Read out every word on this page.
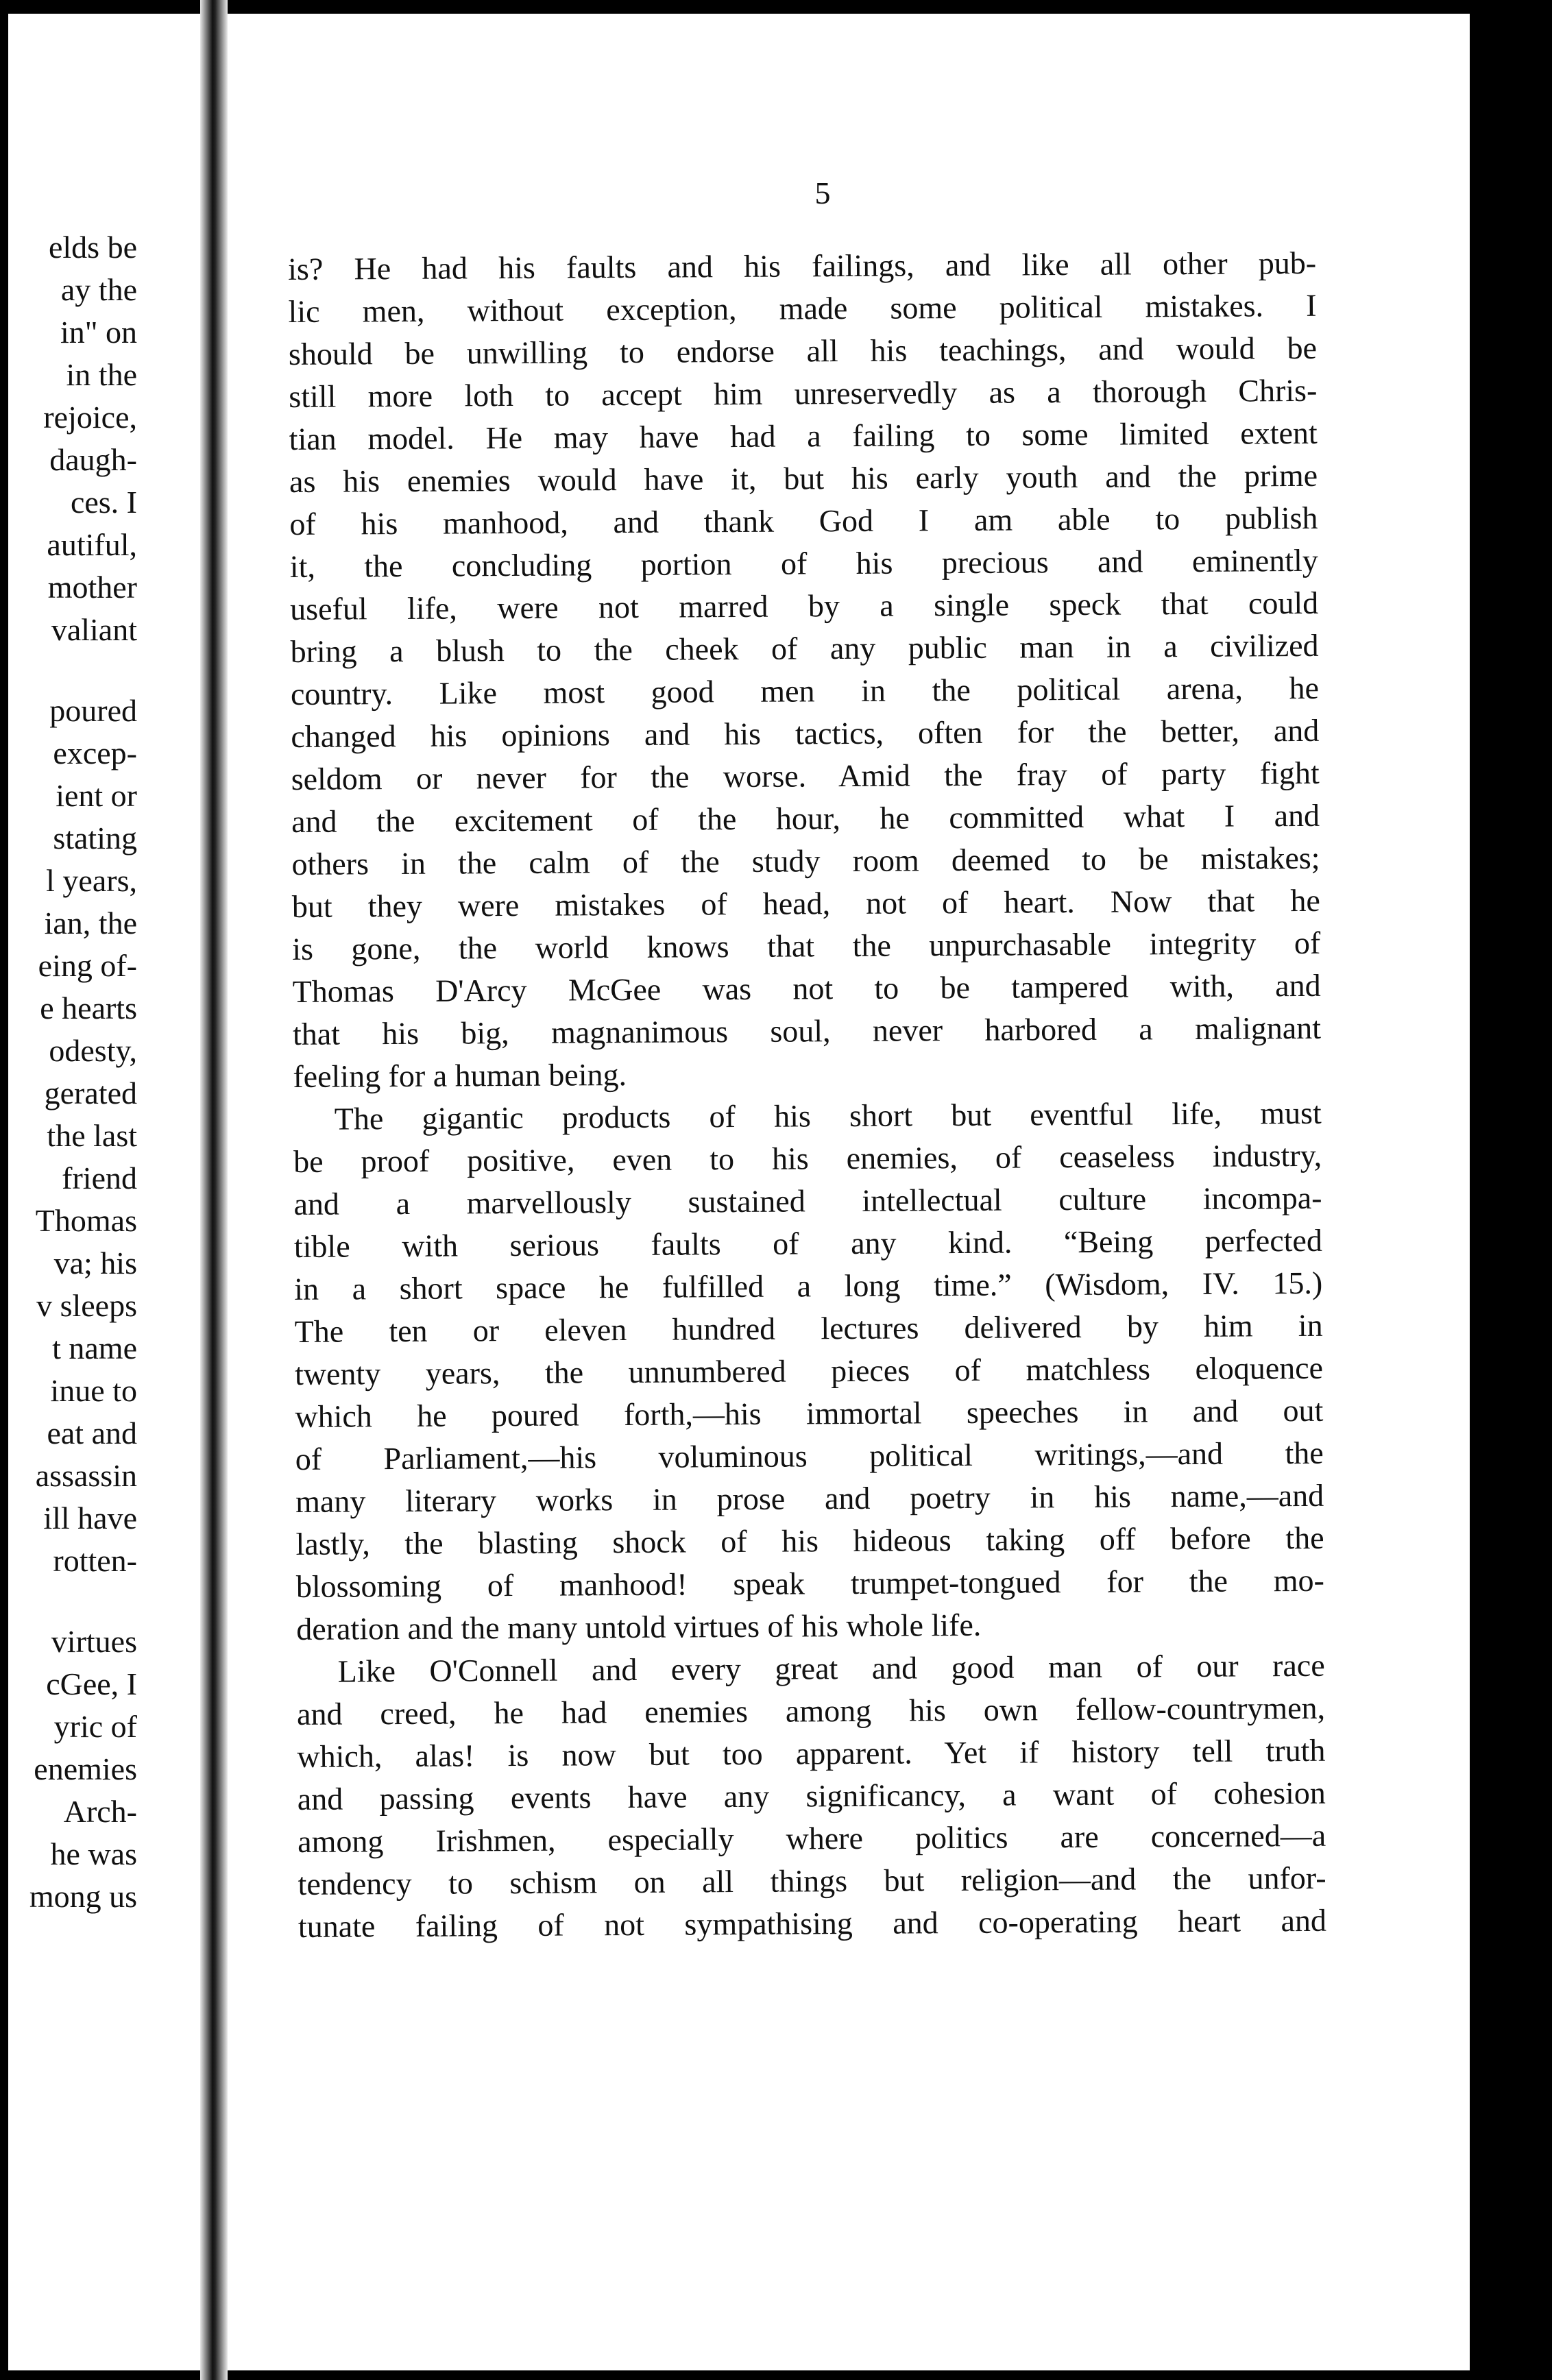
elds be
ay the
in" on
in the
rejoice,
daugh-
ces. I
autiful,
mother
valiant
poured
excep-
ient or
stating
l years,
ian, the
eing of-
e hearts
odesty,
gerated
the last
friend
Thomas
va; his
v sleeps
t name
inue to
eat and
assassin
ill have
rotten-
virtues
cGee, I
yric of
enemies
Arch-
he was
mong us
5
is? He had his faults and his failings, and like all other pub-
lic men, without exception, made some political mistakes. I
should be unwilling to endorse all his teachings, and would be
still more loth to accept him unreservedly as a thorough Chris-
tian model. He may have had a failing to some limited extent
as his enemies would have it, but his early youth and the prime
of his manhood, and thank God I am able to publish
it, the concluding portion of his precious and eminently
useful life, were not marred by a single speck that could
bring a blush to the cheek of any public man in a civilized
country. Like most good men in the political arena, he
changed his opinions and his tactics, often for the better, and
seldom or never for the worse. Amid the fray of party fight
and the excitement of the hour, he committed what I and
others in the calm of the study room deemed to be mistakes;
but they were mistakes of head, not of heart. Now that he
is gone, the world knows that the unpurchasable integrity of
Thomas D'Arcy McGee was not to be tampered with, and
that his big, magnanimous soul, never harbored a malignant
feeling for a human being.
The gigantic products of his short but eventful life, must
be proof positive, even to his enemies, of ceaseless industry,
and a marvellously sustained intellectual culture incompa-
tible with serious faults of any kind. “Being perfected
in a short space he fulfilled a long time.” (Wisdom, IV. 15.)
The ten or eleven hundred lectures delivered by him in
twenty years, the unnumbered pieces of matchless eloquence
which he poured forth,—his immortal speeches in and out
of Parliament,—his voluminous political writings,—and the
many literary works in prose and poetry in his name,—and
lastly, the blasting shock of his hideous taking off before the
blossoming of manhood! speak trumpet-tongued for the mo-
deration and the many untold virtues of his whole life.
Like O'Connell and every great and good man of our race
and creed, he had enemies among his own fellow-countrymen,
which, alas! is now but too apparent. Yet if history tell truth
and passing events have any significancy, a want of cohesion
among Irishmen, especially where politics are concerned—a
tendency to schism on all things but religion—and the unfor-
tunate failing of not sympathising and co-operating heart and
